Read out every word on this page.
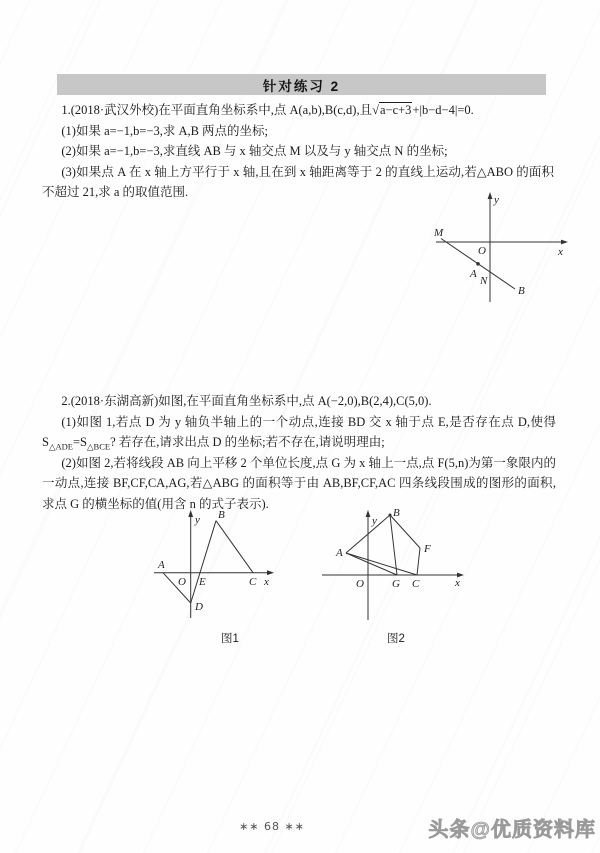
针对练习 2

1.(2018·武汉外校)在平面直角坐标系中,点 A(a,b),B(c,d),且√a−c+3+|b−d−4|=0.

(1)如果 a=−1,b=−3,求 A,B 两点的坐标;

(2)如果 a=−1,b=−3,求直线 AB 与 x 轴交点 M 以及与 y 轴交点 N 的坐标;

(3)如果点 A 在 x 轴上方平行于 x 轴,且在到 x 轴距离等于 2 的直线上运动,若△ABO 的面积不超过 21,求 a 的取值范围.

y
x
M
O
A
N
B

2.(2018·东湖高新)如图,在平面直角坐标系中,点 A(−2,0),B(2,4),C(5,0).

(1)如图 1,若点 D 为 y 轴负半轴上的一个动点,连接 BD 交 x 轴于点 E,是否存在点 D,使得 $S_{\triangle ADE}=S_{\triangle BCE}$? 若存在,请求出点 D 的坐标;若不存在,请说明理由;

(2)如图 2,若将线段 AB 向上平移 2 个单位长度,点 G 为 x 轴上一点,点 F(5,n)为第一象限内的一动点,连接 BF,CF,CA,AG,若△ABG 的面积等于由 AB,BF,CF,AC 四条线段围成的图形的面积,求点 G 的横坐标的值(用含 n 的式子表示).

y
x
A
B
C
D
E
O
图1
y
x
A
B
C
F
G
O
图2
∗∗ 68 ∗∗	头条@优质资料库
